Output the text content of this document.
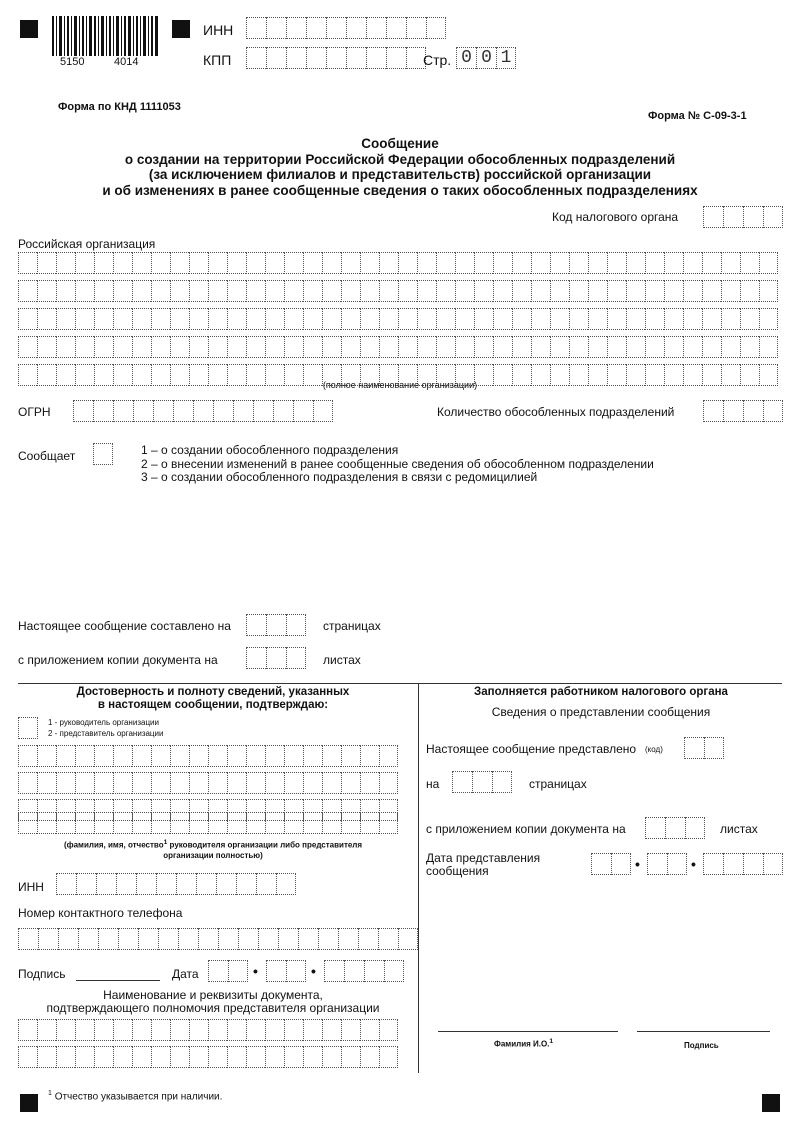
5150	4014
ИНН
КПП	Стр. 0 0 1
Форма по КНД 1111053
Форма № С-09-3-1
Сообщение
о создании на территории Российской Федерации обособленных подразделений
(за исключением филиалов и представительств) российской организации
и об изменениях в ранее сообщенные сведения о таких обособленных подразделениях
Код налогового органа
Российская организация
(полное наименование организации)
ОГРН	Количество обособленных подразделений
Сообщает	1 – о создании обособленного подразделения
2 – о внесении изменений в ранее сообщенные сведения об обособленном подразделении
3 – о создании обособленного подразделения в связи с редомицилией
Настоящее сообщение составлено на	страницах
с приложением копии документа на	листах
Достоверность и полноту сведений, указанных
в настоящем сообщении, подтверждаю:
1 - руководитель организации
2 - представитель организации
(фамилия, имя, отчество$^1$ руководителя организации либо представителя
организации полностью)
ИНН
Номер контактного телефона
Подпись	Дата	•	•
Наименование и реквизиты документа,
подтверждающего полномочия представителя организации
Заполняется работником налогового органа
Сведения о представлении сообщения
Настоящее сообщение представлено (код)
на	страницах
с приложением копии документа на	листах
Дата представления
сообщения	•	•
Фамилия И.О.$^1$	Подпись
$^1$ Отчество указывается при наличии.
